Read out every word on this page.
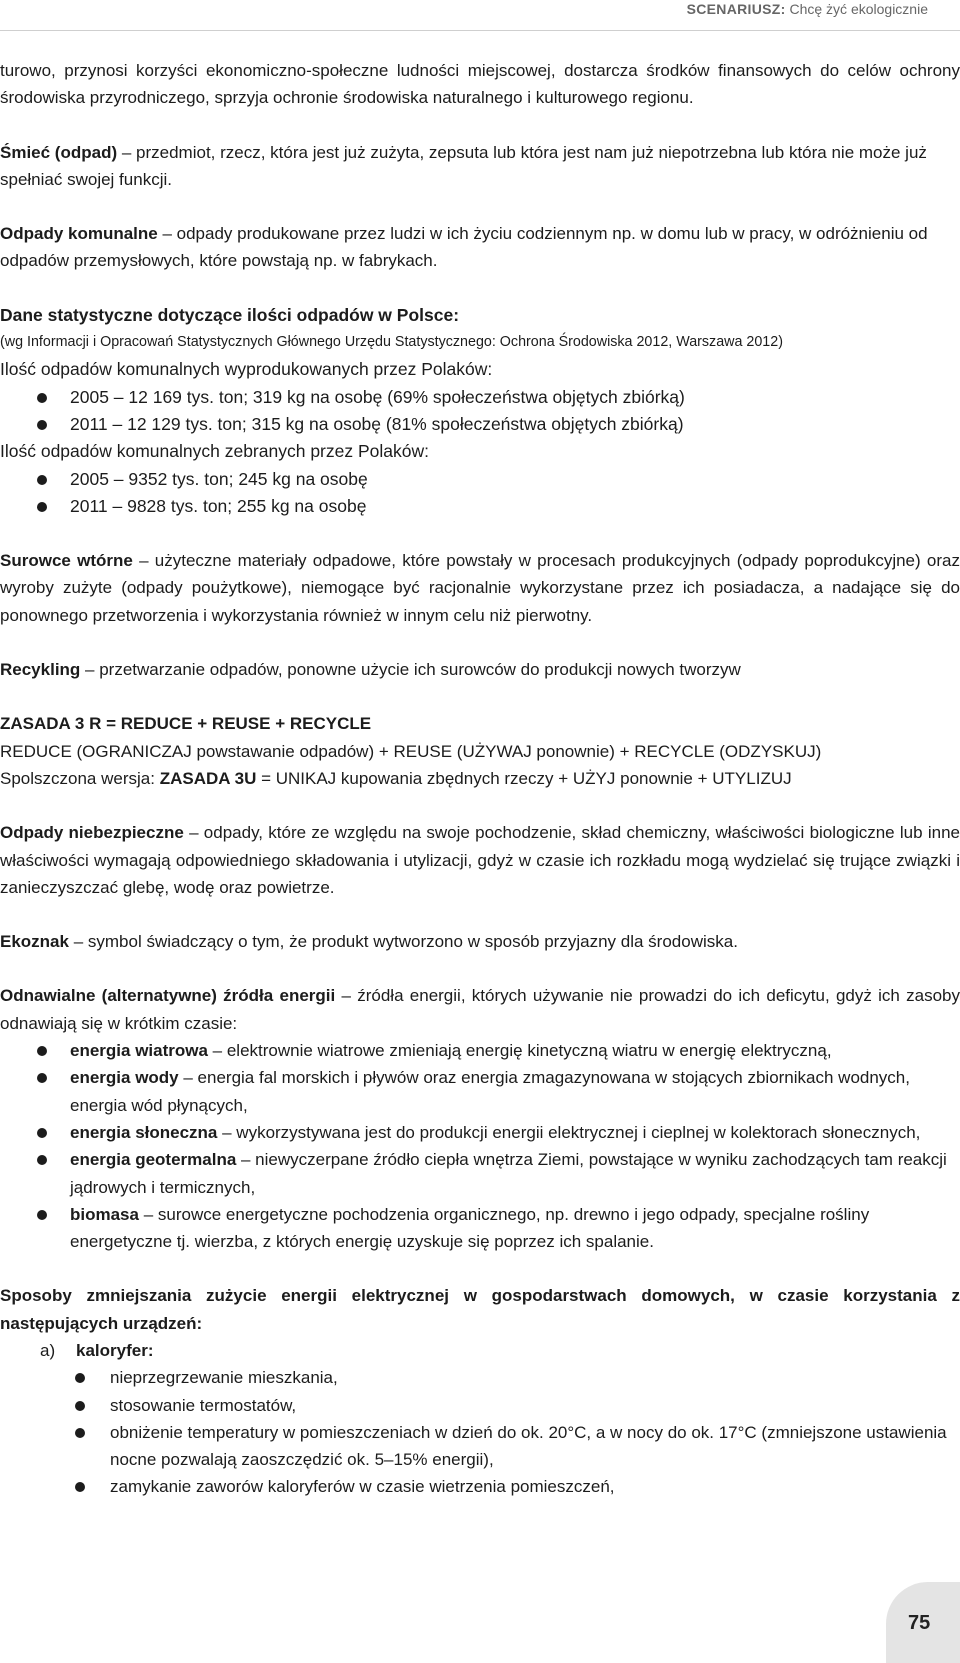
SCENARIUSZ: Chcę żyć ekologicznie

turowo, przynosi korzyści ekonomiczno-społeczne ludności miejscowej, dostarcza środków finansowych do celów ochrony środowiska przyrodniczego, sprzyja ochronie środowiska naturalnego i kulturowego regionu.

Śmieć (odpad) – przedmiot, rzecz, która jest już zużyta, zepsuta lub która jest nam już niepotrzebna lub która nie może już spełniać swojej funkcji.

Odpady komunalne – odpady produkowane przez ludzi w ich życiu codziennym np. w domu lub w pracy, w odróżnieniu od odpadów przemysłowych, które powstają np. w fabrykach.

Dane statystyczne dotyczące ilości odpadów w Polsce:

(wg Informacji i Opracowań Statystycznych Głównego Urzędu Statystycznego: Ochrona Środowiska 2012, Warszawa 2012)

Ilość odpadów komunalnych wyprodukowanych przez Polaków:

2005 – 12 169 tys. ton; 319 kg na osobę (69% społeczeństwa objętych zbiórką)
2011 – 12 129 tys. ton; 315 kg na osobę (81% społeczeństwa objętych zbiórką)

Ilość odpadów komunalnych zebranych przez Polaków:

2005 – 9352 tys. ton; 245 kg na osobę
2011 – 9828 tys. ton; 255 kg na osobę

Surowce wtórne – użyteczne materiały odpadowe, które powstały w procesach produkcyjnych (odpady poprodukcyjne) oraz wyroby zużyte (odpady poużytkowe), niemogące być racjonalnie wykorzystane przez ich posiadacza, a nadające się do ponownego przetworzenia i wykorzystania również w innym celu niż pierwotny.

Recykling – przetwarzanie odpadów, ponowne użycie ich surowców do produkcji nowych tworzyw

ZASADA 3 R = REDUCE + REUSE + RECYCLE

REDUCE (OGRANICZAJ powstawanie odpadów) + REUSE (UŻYWAJ ponownie) + RECYCLE (ODZYSKUJ)

Spolszczona wersja: ZASADA 3U = UNIKAJ kupowania zbędnych rzeczy + UŻYJ ponownie + UTYLIZUJ

Odpady niebezpieczne – odpady, które ze względu na swoje pochodzenie, skład chemiczny, właściwości biologiczne lub inne właściwości wymagają odpowiedniego składowania i utylizacji, gdyż w czasie ich rozkładu mogą wydzielać się trujące związki i zanieczyszczać glebę, wodę oraz powietrze.

Ekoznak – symbol świadczący o tym, że produkt wytworzono w sposób przyjazny dla środowiska.

Odnawialne (alternatywne) źródła energii – źródła energii, których używanie nie prowadzi do ich deficytu, gdyż ich zasoby odnawiają się w krótkim czasie:

energia wiatrowa – elektrownie wiatrowe zmieniają energię kinetyczną wiatru w energię elektryczną,
energia wody – energia fal morskich i pływów oraz energia zmagazynowana w stojących zbiornikach wodnych, energia wód płynących,
energia słoneczna – wykorzystywana jest do produkcji energii elektrycznej i cieplnej w kolektorach słonecznych,
energia geotermalna – niewyczerpane źródło ciepła wnętrza Ziemi, powstające w wyniku zachodzących tam reakcji jądrowych i termicznych,
biomasa – surowce energetyczne pochodzenia organicznego, np. drewno i jego odpady, specjalne rośliny energetyczne tj. wierzba, z których energię uzyskuje się poprzez ich spalanie.

Sposoby zmniejszania zużycie energii elektrycznej w gospodarstwach domowych, w czasie korzystania z następujących urządzeń:

a) kaloryfer:

nieprzegrzewanie mieszkania,
stosowanie termostatów,
obniżenie temperatury w pomieszczeniach w dzień do ok. 20°C, a w nocy do ok. 17°C (zmniejszone ustawienia nocne pozwalają zaoszczędzić ok. 5–15% energii),
zamykanie zaworów kaloryferów w czasie wietrzenia pomieszczeń,
75
